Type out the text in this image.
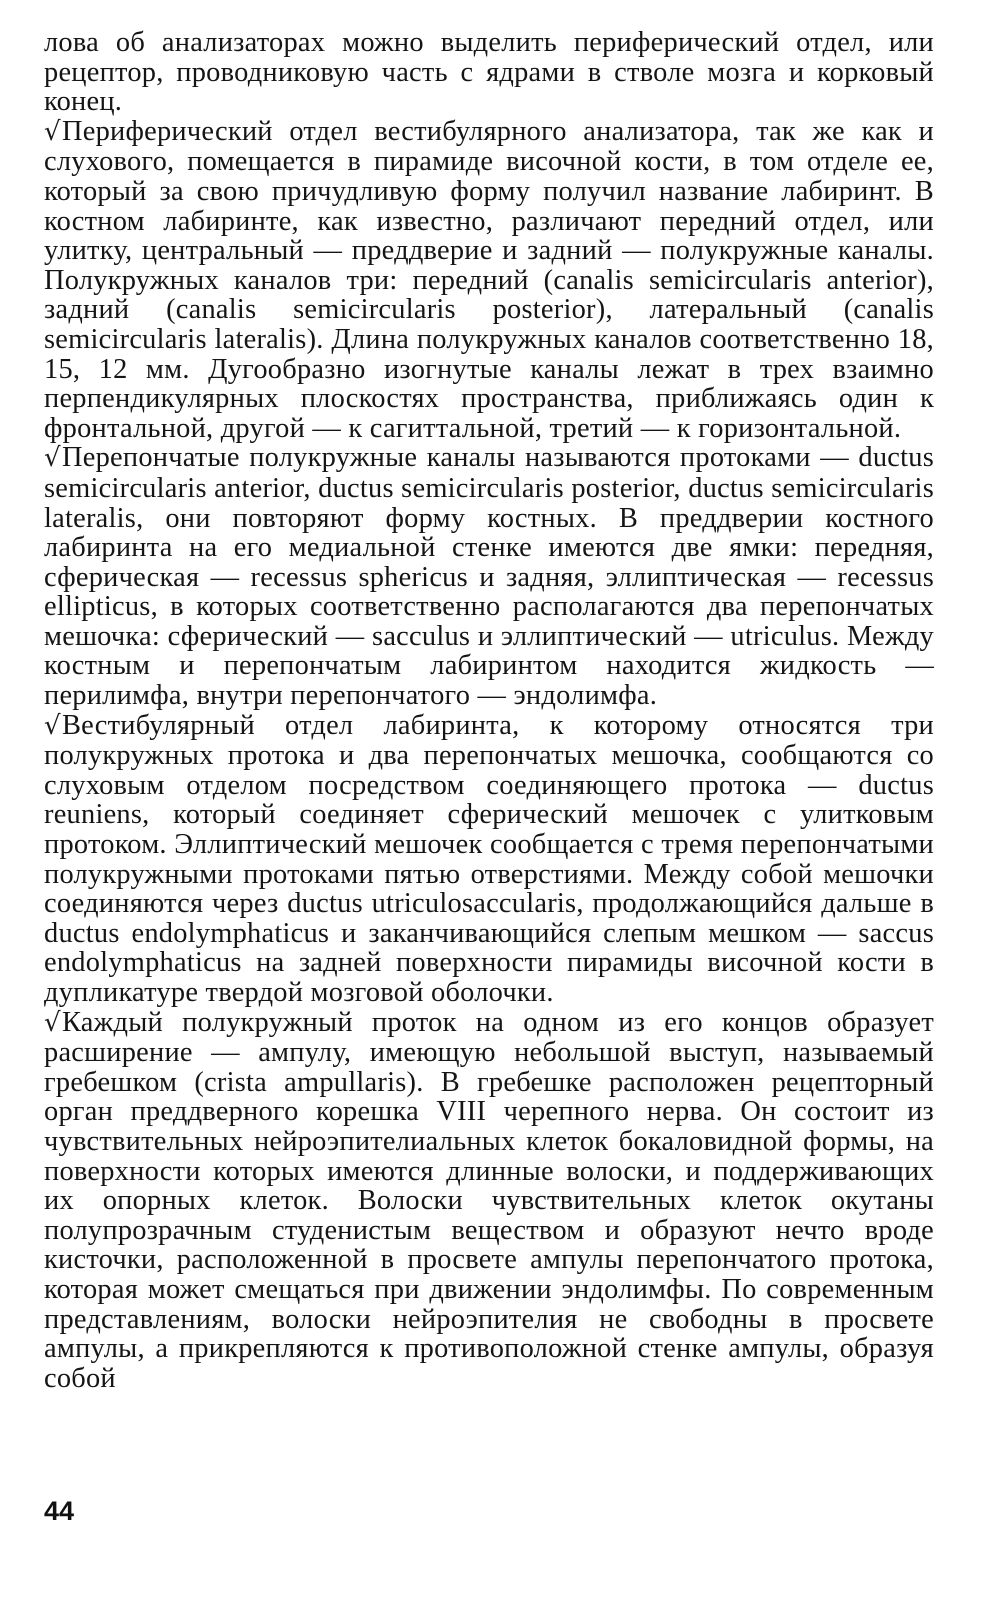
лова об анализаторах можно выделить периферический отдел, или рецептор, проводниковую часть с ядрами в стволе мозга и корковый конец.

√Периферический отдел вестибулярного анализатора, так же как и слухового, помещается в пирамиде височной кости, в том отделе ее, который за свою причудливую форму получил название лабиринт. В костном лабиринте, как известно, различают передний отдел, или улитку, центральный — преддверие и задний — полукружные каналы. Полукружных каналов три: передний (canalis semicircularis anterior), задний (canalis semicircularis posterior), латеральный (canalis semicircularis lateralis). Длина полукружных каналов соответственно 18, 15, 12 мм. Дугообразно изогнутые каналы лежат в трех взаимно перпендикулярных плоскостях пространства, приближаясь один к фронтальной, другой — к сагиттальной, третий — к горизонтальной.

√Перепончатые полукружные каналы называются протоками — ductus semicircularis anterior, ductus semicircularis posterior, ductus semicircularis lateralis, они повторяют форму костных. В преддверии костного лабиринта на его медиальной стенке имеются две ямки: передняя, сферическая — recessus sphericus и задняя, эллиптическая — recessus ellipticus, в которых соответственно располагаются два перепончатых мешочка: сферический — sacculus и эллиптический — utriculus. Между костным и перепончатым лабиринтом находится жидкость — перилимфа, внутри перепончатого — эндолимфа.

√Вестибулярный отдел лабиринта, к которому относятся три полукружных протока и два перепончатых мешочка, сообщаются со слуховым отделом посредством соединяющего протока — ductus reuniens, который соединяет сферический мешочек с улитковым протоком. Эллиптический мешочек сообщается с тремя перепончатыми полукружными протоками пятью отверстиями. Между собой мешочки соединяются через ductus utriculosaccularis, продолжающийся дальше в ductus endolymphaticus и заканчивающийся слепым мешком — saccus endolymphaticus на задней поверхности пирамиды височной кости в дупликатуре твердой мозговой оболочки.

√Каждый полукружный проток на одном из его концов образует расширение — ампулу, имеющую небольшой выступ, называемый гребешком (crista ampullaris). В гребешке расположен рецепторный орган преддверного корешка VIII черепного нерва. Он состоит из чувствительных нейроэпителиальных клеток бокаловидной формы, на поверхности которых имеются длинные волоски, и поддерживающих их опорных клеток. Волоски чувствительных клеток окутаны полупрозрачным студенистым веществом и образуют нечто вроде кисточки, расположенной в просвете ампулы перепончатого протока, которая может смещаться при движении эндолимфы. По современным представлениям, волоски нейроэпителия не свободны в просвете ампулы, а прикрепляются к противоположной стенке ампулы, образуя собой

44
